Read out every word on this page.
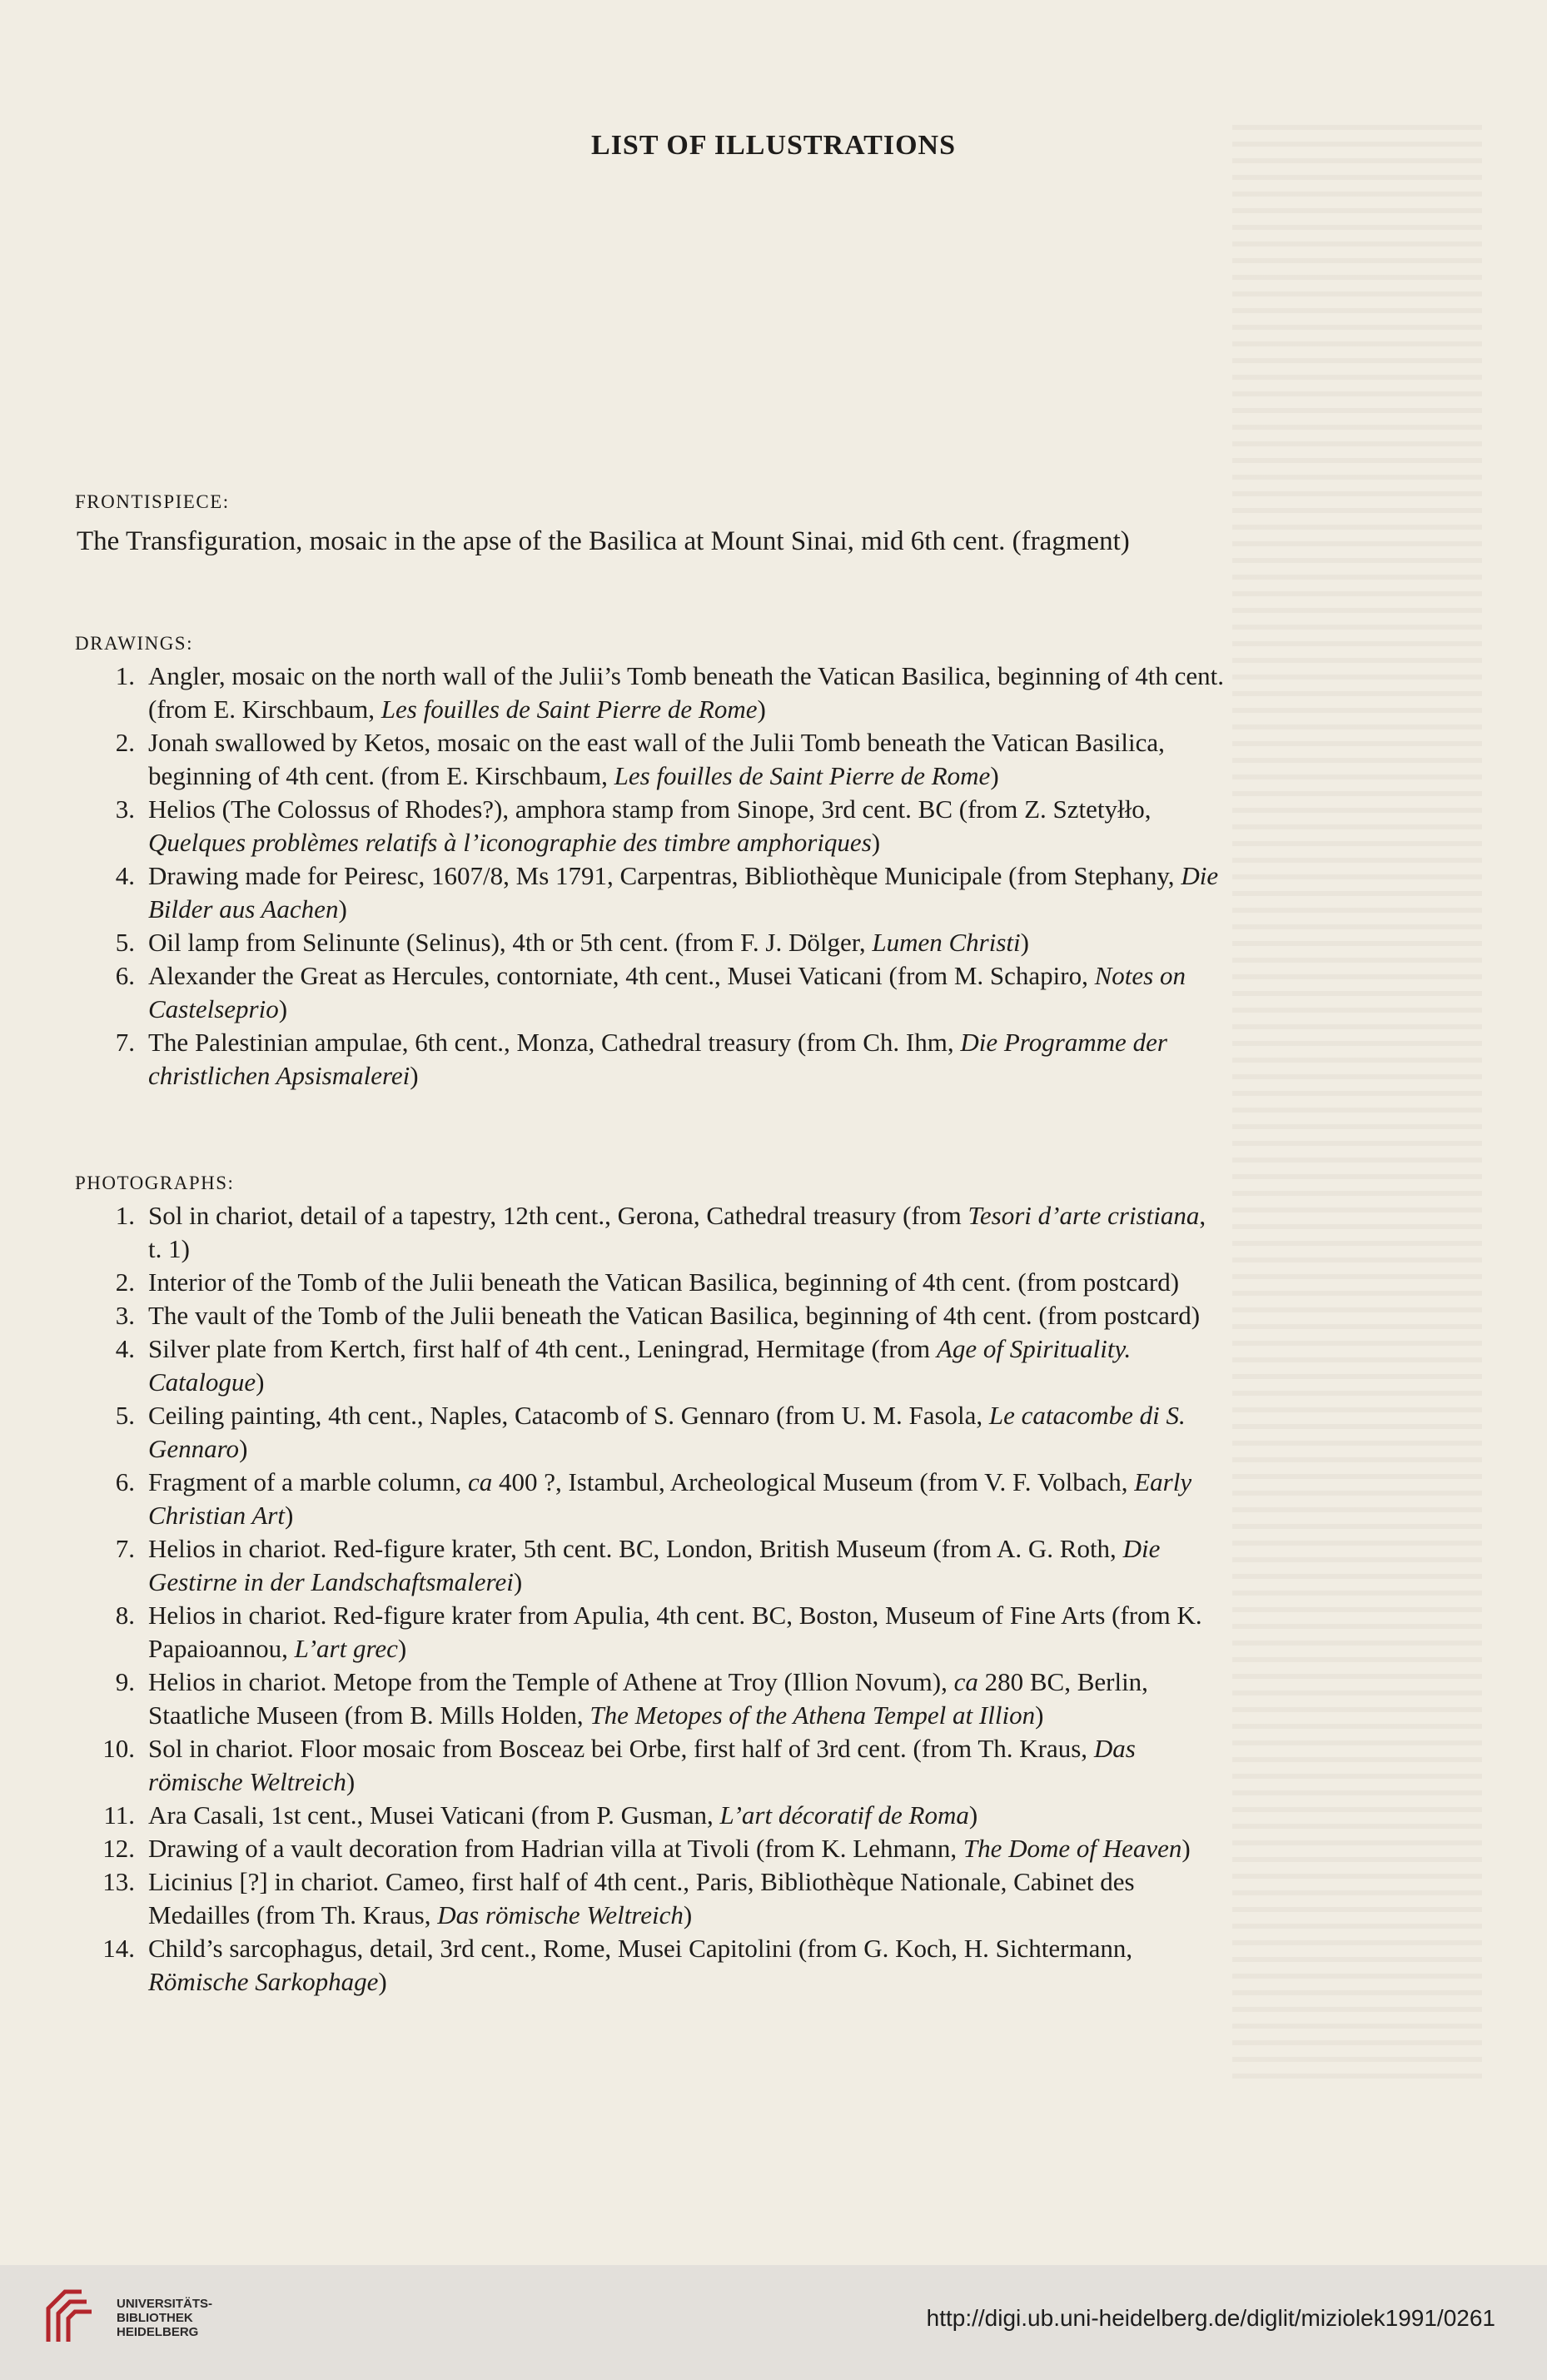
LIST OF ILLUSTRATIONS
FRONTISPIECE:
The Transfiguration, mosaic in the apse of the Basilica at Mount Sinai, mid 6th cent. (fragment)
DRAWINGS:
1. Angler, mosaic on the north wall of the Julii’s Tomb beneath the Vatican Basilica, beginning of 4th cent. (from E. Kirschbaum, Les fouilles de Saint Pierre de Rome)
2. Jonah swallowed by Ketos, mosaic on the east wall of the Julii Tomb beneath the Vatican Basilica, beginning of 4th cent. (from E. Kirschbaum, Les fouilles de Saint Pierre de Rome)
3. Helios (The Colossus of Rhodes?), amphora stamp from Sinope, 3rd cent. BC (from Z. Sztetyłło, Quelques problèmes relatifs à l’iconographie des timbre amphoriques)
4. Drawing made for Peiresc, 1607/8, Ms 1791, Carpentras, Bibliothèque Municipale (from Stephany, Die Bilder aus Aachen)
5. Oil lamp from Selinunte (Selinus), 4th or 5th cent. (from F. J. Dölger, Lumen Christi)
6. Alexander the Great as Hercules, contorniate, 4th cent., Musei Vaticani (from M. Schapiro, Notes on Castelseprio)
7. The Palestinian ampulae, 6th cent., Monza, Cathedral treasury (from Ch. Ihm, Die Programme der christlichen Apsismalerei)
PHOTOGRAPHS:
1. Sol in chariot, detail of a tapestry, 12th cent., Gerona, Cathedral treasury (from Tesori d’arte cristiana, t. 1)
2. Interior of the Tomb of the Julii beneath the Vatican Basilica, beginning of 4th cent. (from postcard)
3. The vault of the Tomb of the Julii beneath the Vatican Basilica, beginning of 4th cent. (from postcard)
4. Silver plate from Kertch, first half of 4th cent., Leningrad, Hermitage (from Age of Spirituality. Catalogue)
5. Ceiling painting, 4th cent., Naples, Catacomb of S. Gennaro (from U. M. Fasola, Le catacombe di S. Gennaro)
6. Fragment of a marble column, ca 400 ?, Istambul, Archeological Museum (from V. F. Volbach, Early Christian Art)
7. Helios in chariot. Red-figure krater, 5th cent. BC, London, British Museum (from A. G. Roth, Die Gestirne in der Landschaftsmalerei)
8. Helios in chariot. Red-figure krater from Apulia, 4th cent. BC, Boston, Museum of Fine Arts (from K. Papaioannou, L’art grec)
9. Helios in chariot. Metope from the Temple of Athene at Troy (Illion Novum), ca 280 BC, Berlin, Staatliche Museen (from B. Mills Holden, The Metopes of the Athena Tempel at Illion)
10. Sol in chariot. Floor mosaic from Bosceaz bei Orbe, first half of 3rd cent. (from Th. Kraus, Das römische Weltreich)
11. Ara Casali, 1st cent., Musei Vaticani (from P. Gusman, L’art décoratif de Roma)
12. Drawing of a vault decoration from Hadrian villa at Tivoli (from K. Lehmann, The Dome of Heaven)
13. Licinius [?] in chariot. Cameo, first half of 4th cent., Paris, Bibliothèque Nationale, Cabinet des Medailles (from Th. Kraus, Das römische Weltreich)
14. Child’s sarcophagus, detail, 3rd cent., Rome, Musei Capitolini (from G. Koch, H. Sichtermann, Römische Sarkophage)
UNIVERSITÄTS-
BIBLIOTHEK
HEIDELBERG
http://digi.ub.uni-heidelberg.de/diglit/miziolek1991/0261
